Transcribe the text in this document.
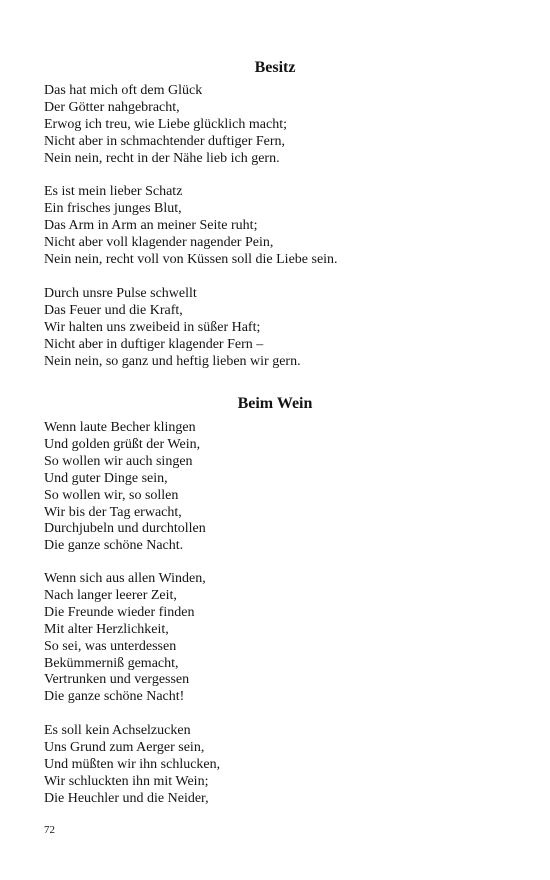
Besitz
Das hat mich oft dem Glück
Der Götter nahgebracht,
Erwog ich treu, wie Liebe glücklich macht;
Nicht aber in schmachtender duftiger Fern,
Nein nein, recht in der Nähe lieb ich gern.
Es ist mein lieber Schatz
Ein frisches junges Blut,
Das Arm in Arm an meiner Seite ruht;
Nicht aber voll klagender nagender Pein,
Nein nein, recht voll von Küssen soll die Liebe sein.
Durch unsre Pulse schwellt
Das Feuer und die Kraft,
Wir halten uns zweibeid in süßer Haft;
Nicht aber in duftiger klagender Fern –
Nein nein, so ganz und heftig lieben wir gern.
Beim Wein
Wenn laute Becher klingen
Und golden grüßt der Wein,
So wollen wir auch singen
Und guter Dinge sein,
So wollen wir, so sollen
Wir bis der Tag erwacht,
Durchjubeln und durchtollen
Die ganze schöne Nacht.
Wenn sich aus allen Winden,
Nach langer leerer Zeit,
Die Freunde wieder finden
Mit alter Herzlichkeit,
So sei, was unterdessen
Bekümmerniß gemacht,
Vertrunken und vergessen
Die ganze schöne Nacht!
Es soll kein Achselzucken
Uns Grund zum Aerger sein,
Und müßten wir ihn schlucken,
Wir schluckten ihn mit Wein;
Die Heuchler und die Neider,
72
